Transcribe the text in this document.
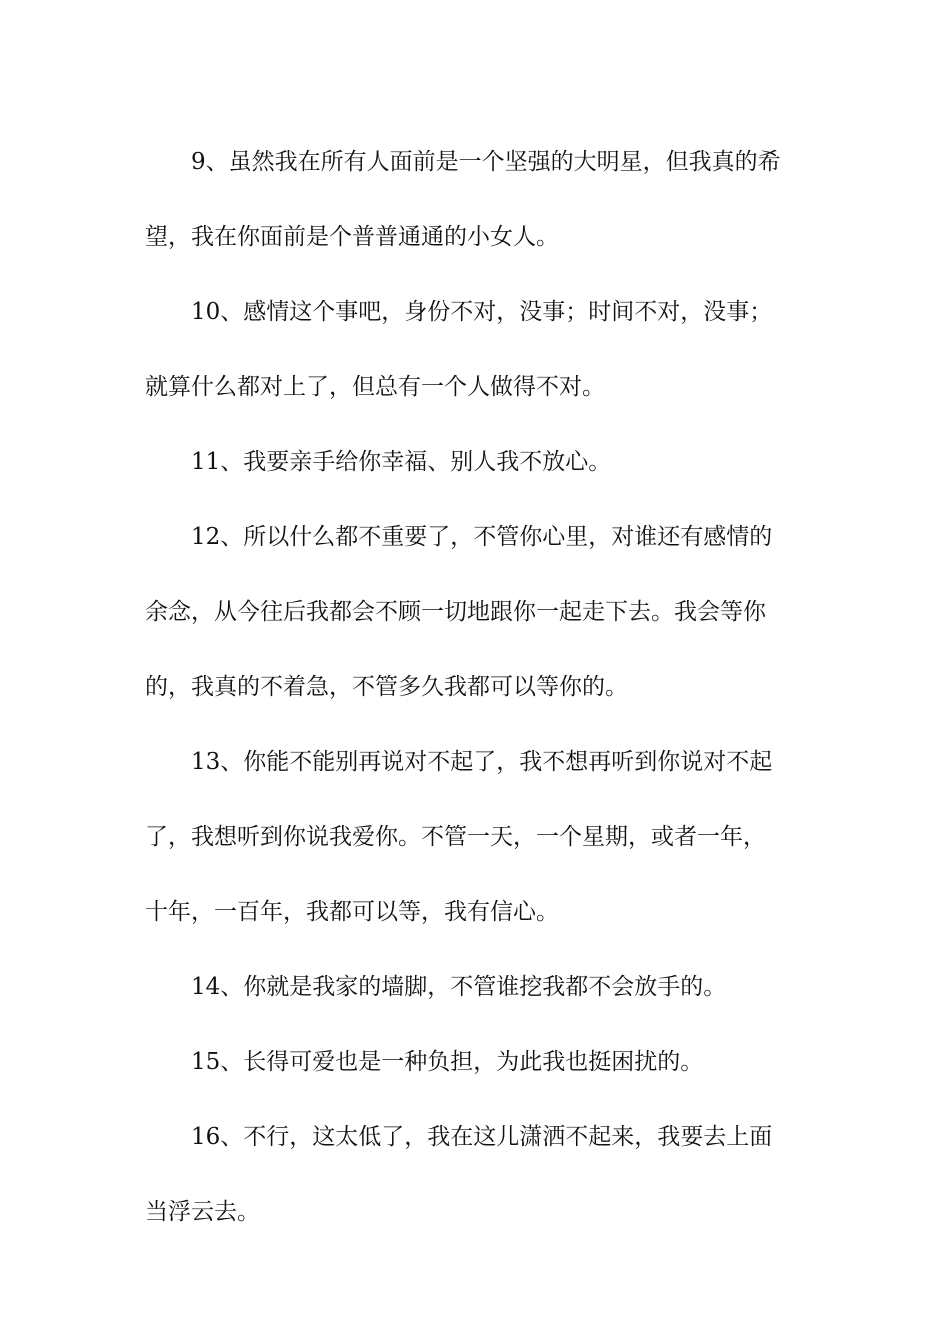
9、虽然我在所有人面前是一个坚强的大明星，但我真的希
望，我在你面前是个普普通通的小女人。
10、感情这个事吧，身份不对，没事；时间不对，没事；
就算什么都对上了，但总有一个人做得不对。
11、我要亲手给你幸福、别人我不放心。
12、所以什么都不重要了，不管你心里，对谁还有感情的
余念，从今往后我都会不顾一切地跟你一起走下去。我会等你
的，我真的不着急，不管多久我都可以等你的。
13、你能不能别再说对不起了，我不想再听到你说对不起
了，我想听到你说我爱你。不管一天，一个星期，或者一年，
十年，一百年，我都可以等，我有信心。
14、你就是我家的墙脚，不管谁挖我都不会放手的。
15、长得可爱也是一种负担，为此我也挺困扰的。
16、不行，这太低了，我在这儿潇洒不起来，我要去上面
当浮云去。
